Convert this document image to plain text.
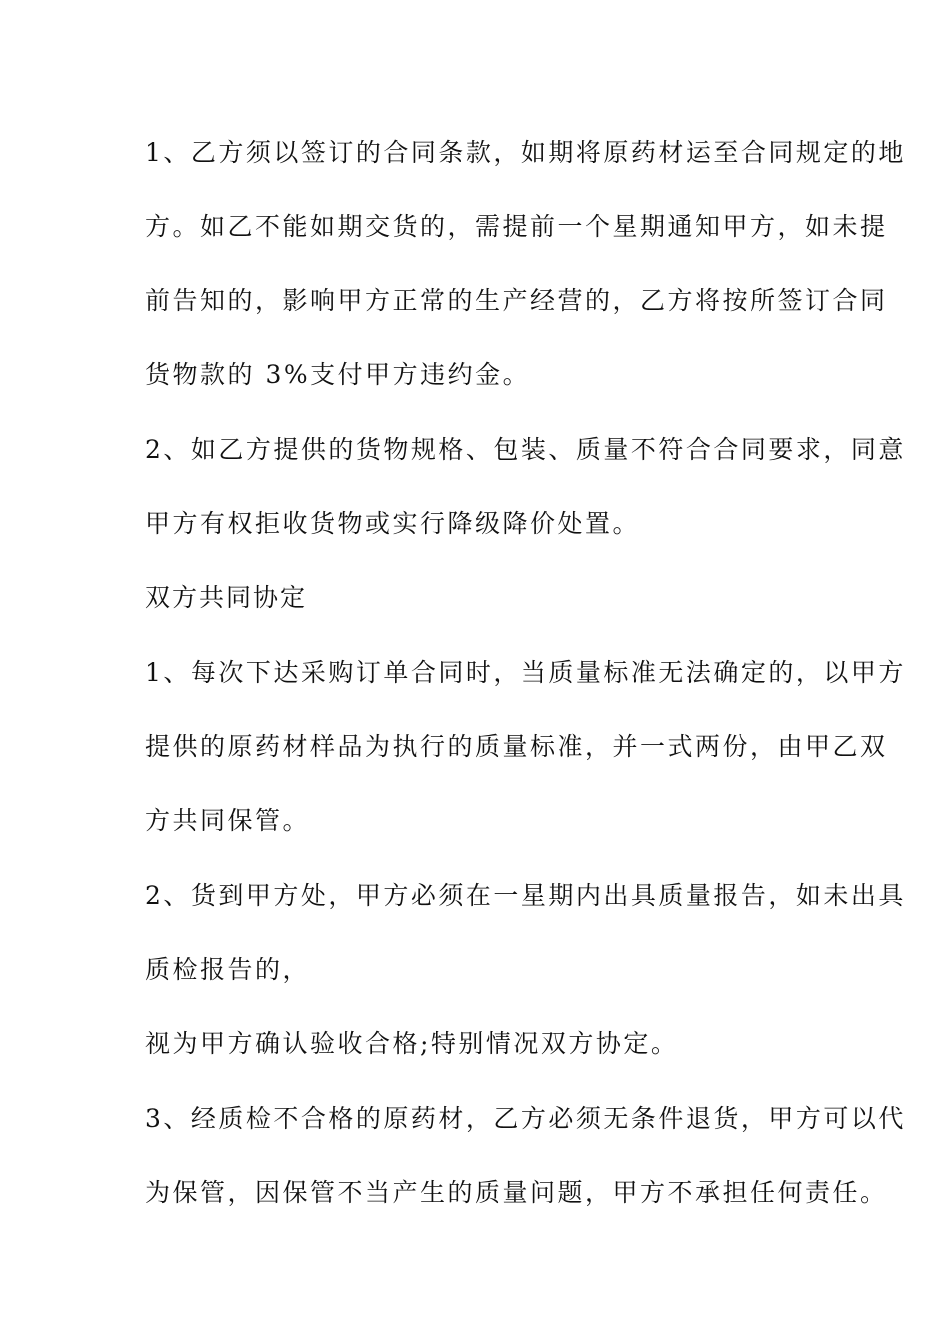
1、乙方须以签订的合同条款，如期将原药材运至合同规定的地
方。如乙不能如期交货的，需提前一个星期通知甲方，如未提
前告知的，影响甲方正常的生产经营的，乙方将按所签订合同
货物款的 3%支付甲方违约金。
2、如乙方提供的货物规格、包装、质量不符合合同要求，同意
甲方有权拒收货物或实行降级降价处置。
双方共同协定
1、每次下达采购订单合同时，当质量标准无法确定的，以甲方
提供的原药材样品为执行的质量标准，并一式两份，由甲乙双
方共同保管。
2、货到甲方处，甲方必须在一星期内出具质量报告，如未出具
质检报告的，
视为甲方确认验收合格;特别情况双方协定。
3、经质检不合格的原药材，乙方必须无条件退货，甲方可以代
为保管，因保管不当产生的质量问题，甲方不承担任何责任。
